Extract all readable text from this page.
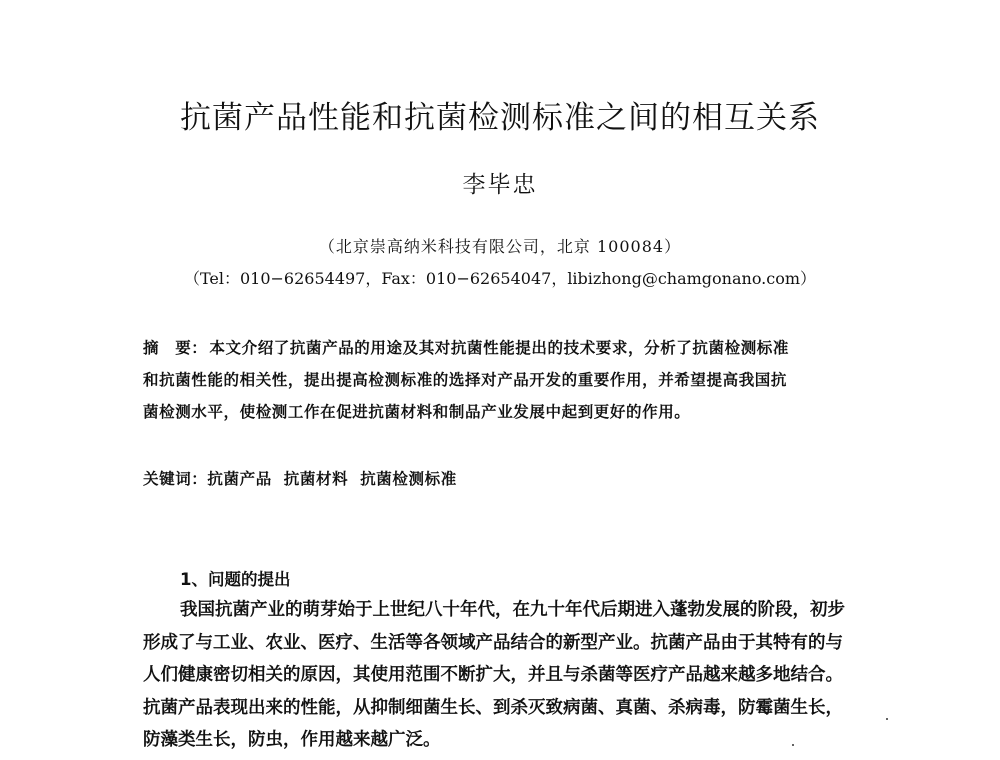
抗菌产品性能和抗菌检测标准之间的相互关系
李毕忠
（北京崇高纳米科技有限公司，北京 100084）
（Tel：010−62654497，Fax：010−62654047，libizhong@chamgonano.com）
摘　要： 本文介绍了抗菌产品的用途及其对抗菌性能提出的技术要求，分析了抗菌检测标准
和抗菌性能的相关性，提出提高检测标准的选择对产品开发的重要作用，并希望提高我国抗
菌检测水平，使检测工作在促进抗菌材料和制品产业发展中起到更好的作用。
关键词：抗菌产品  抗菌材料  抗菌检测标准
1、问题的提出
我国抗菌产业的萌芽始于上世纪八十年代，在九十年代后期进入蓬勃发展的阶段，初步
形成了与工业、农业、医疗、生活等各领域产品结合的新型产业。抗菌产品由于其特有的与
人们健康密切相关的原因，其使用范围不断扩大，并且与杀菌等医疗产品越来越多地结合。
抗菌产品表现出来的性能，从抑制细菌生长、到杀灭致病菌、真菌、杀病毒，防霉菌生长，
防藻类生长，防虫，作用越来越广泛。
